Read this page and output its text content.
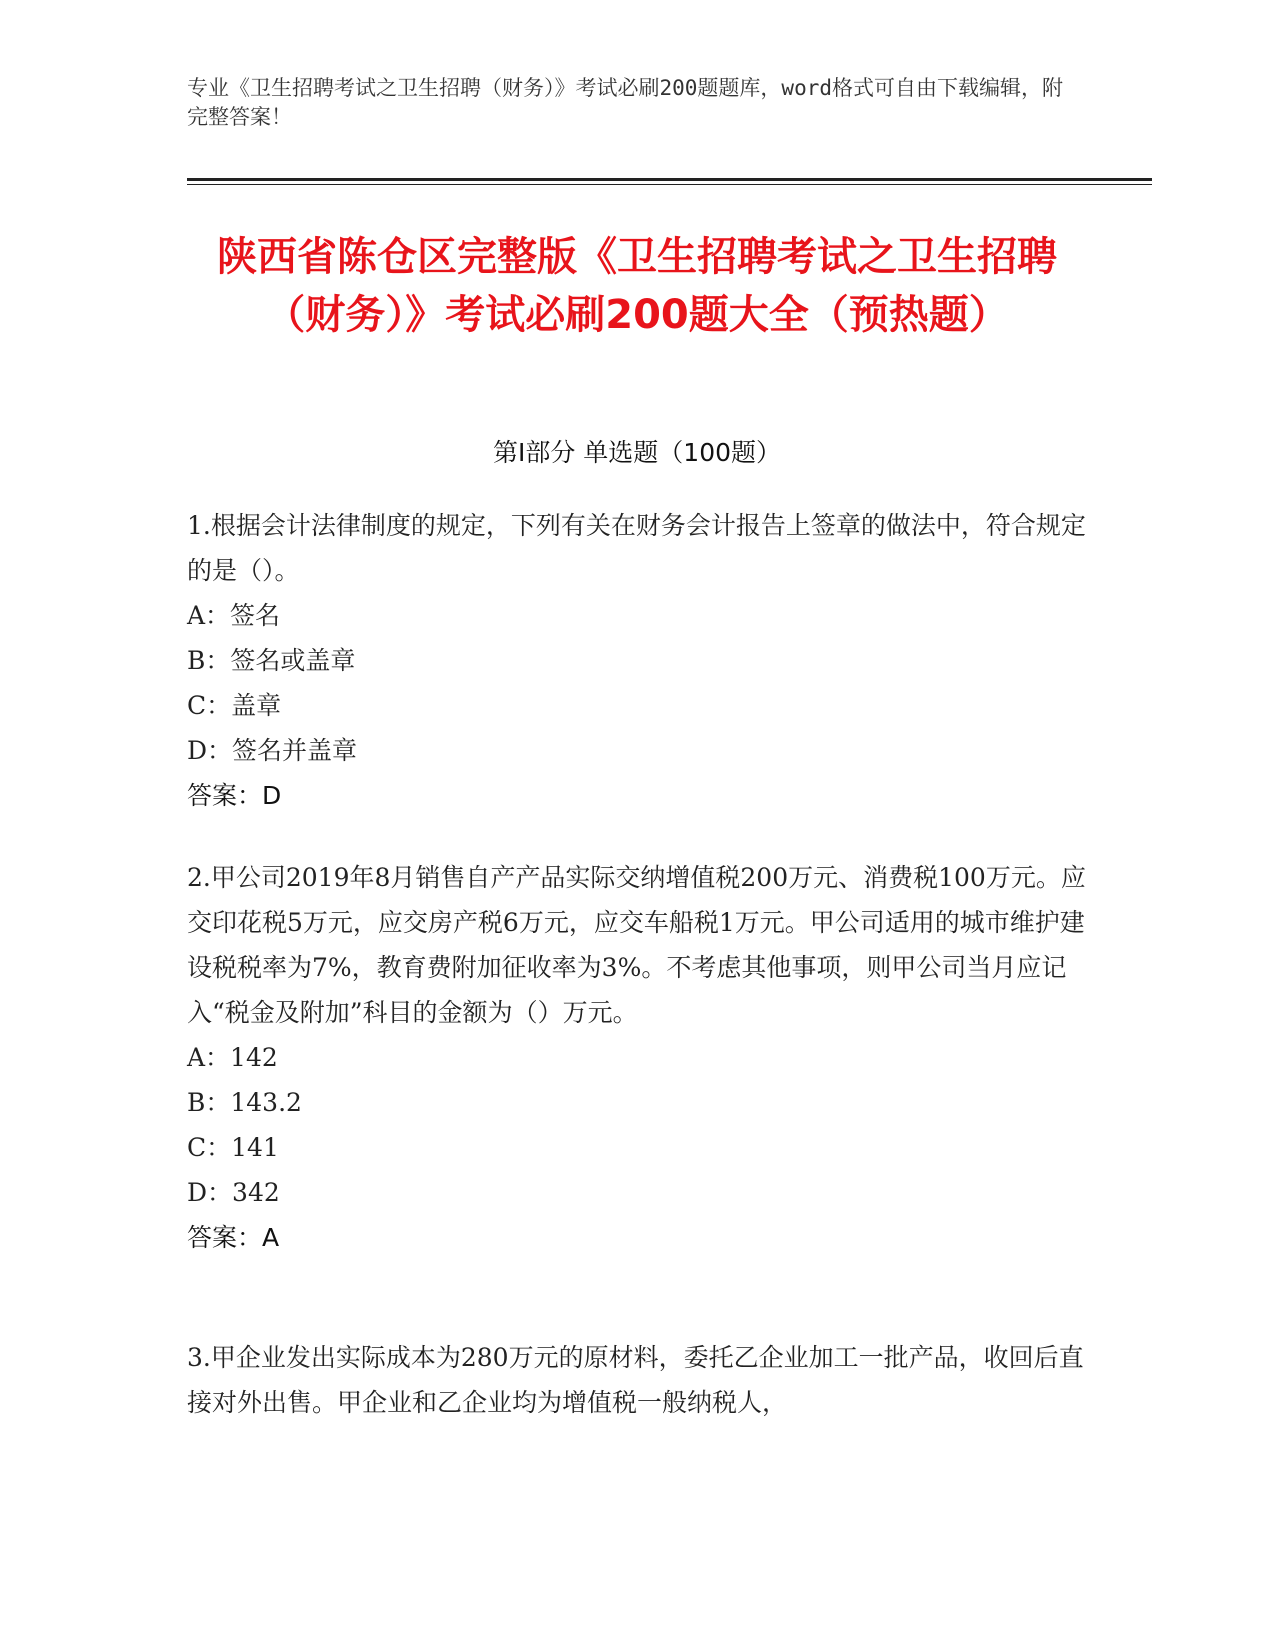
专业《卫生招聘考试之卫生招聘（财务）》考试必刷200题题库，word格式可自由下载编辑，附完整答案！
陕西省陈仓区完整版《卫生招聘考试之卫生招聘（财务）》考试必刷200题大全（预热题）
第I部分 单选题（100题）

1.根据会计法律制度的规定，下列有关在财务会计报告上签章的做法中，符合规定的是（）。

A：签名

B：签名或盖章

C：盖章

D：签名并盖章

答案：D

2.甲公司2019年8月销售自产产品实际交纳增值税200万元、消费税100万元。应交印花税5万元，应交房产税6万元，应交车船税1万元。甲公司适用的城市维护建设税税率为7%，教育费附加征收率为3%。不考虑其他事项，则甲公司当月应记入“税金及附加”科目的金额为（）万元。

A：142

B：143.2

C：141

D：342

答案：A

3.甲企业发出实际成本为280万元的原材料，委托乙企业加工一批产品，收回后直接对外出售。甲企业和乙企业均为增值税一般纳税人，
